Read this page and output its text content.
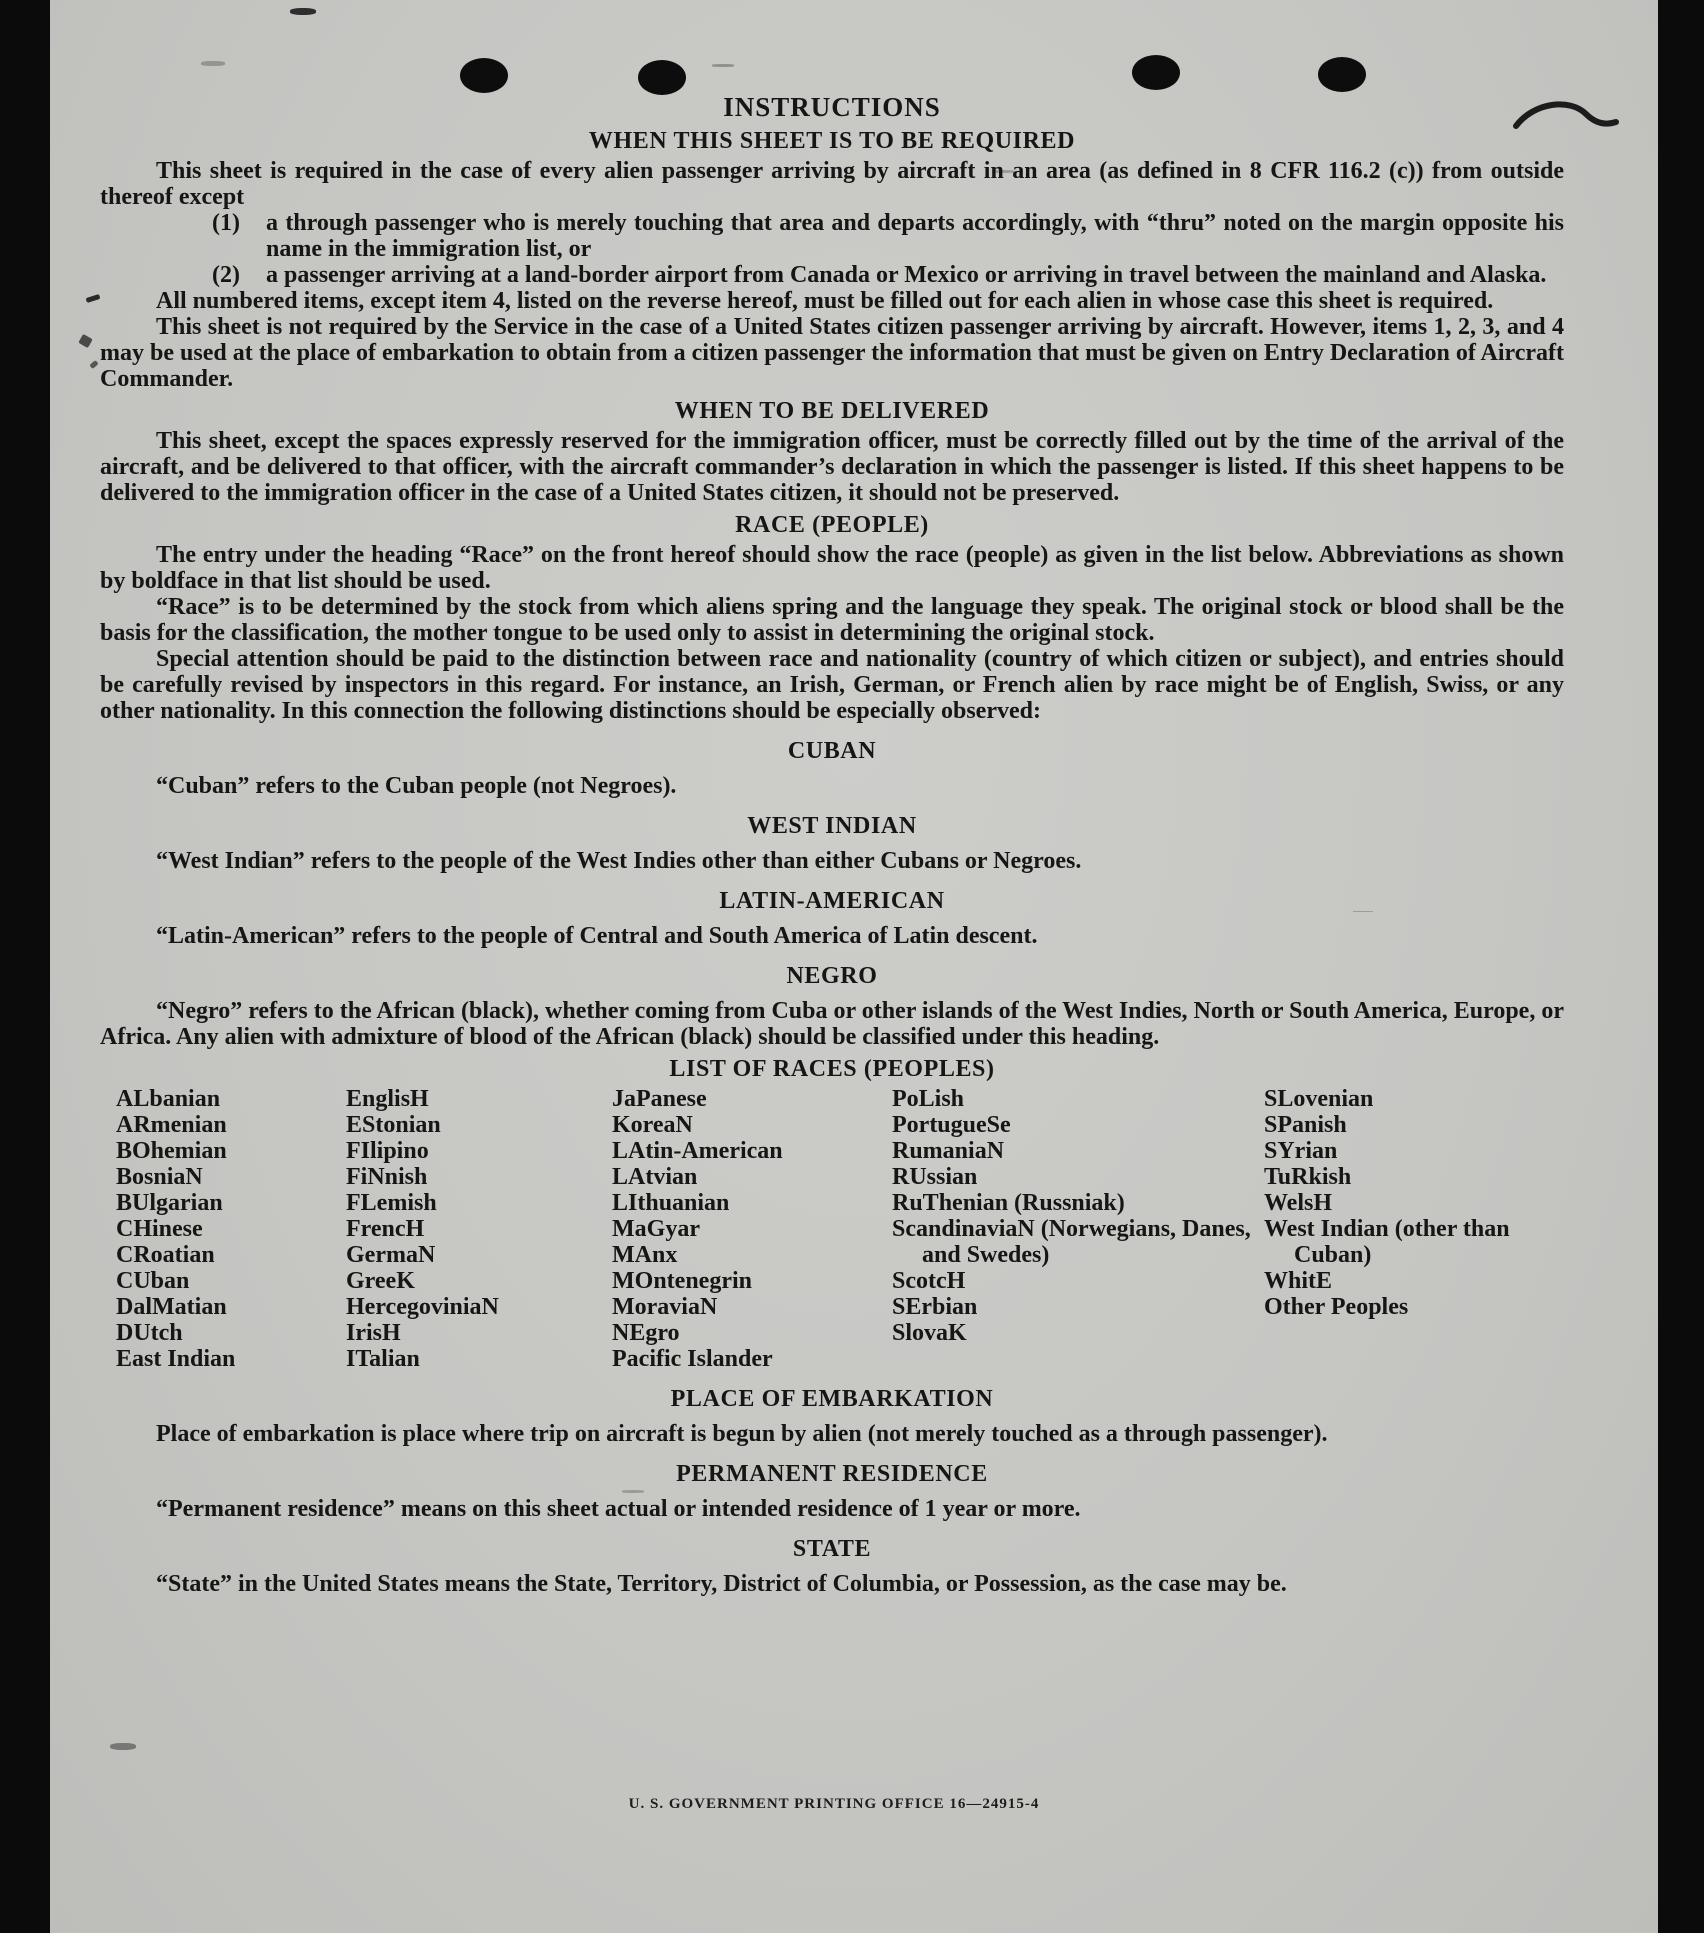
INSTRUCTIONS
WHEN THIS SHEET IS TO BE REQUIRED

This sheet is required in the case of every alien passenger arriving by aircraft in an area (as defined in 8 CFR 116.2 (c)) from outside thereof except

(1)	a through passenger who is merely touching that area and departs accordingly, with “thru” noted on the margin opposite his name in the immigration list, or

(2)	a passenger arriving at a land-border airport from Canada or Mexico or arriving in travel between the mainland and Alaska.

All numbered items, except item 4, listed on the reverse hereof, must be filled out for each alien in whose case this sheet is required.

This sheet is not required by the Service in the case of a United States citizen passenger arriving by aircraft. However, items 1, 2, 3, and 4 may be used at the place of embarkation to obtain from a citizen passenger the information that must be given on Entry Declaration of Aircraft Commander.

WHEN TO BE DELIVERED

This sheet, except the spaces expressly reserved for the immigration officer, must be correctly filled out by the time of the arrival of the aircraft, and be delivered to that officer, with the aircraft commander’s declaration in which the passenger is listed. If this sheet happens to be delivered to the immigration officer in the case of a United States citizen, it should not be preserved.

RACE (PEOPLE)

The entry under the heading “Race” on the front hereof should show the race (people) as given in the list below. Abbreviations as shown by boldface in that list should be used.

“Race” is to be determined by the stock from which aliens spring and the language they speak. The original stock or blood shall be the basis for the classification, the mother tongue to be used only to assist in determining the original stock.

Special attention should be paid to the distinction between race and nationality (country of which citizen or subject), and entries should be carefully revised by inspectors in this regard. For instance, an Irish, German, or French alien by race might be of English, Swiss, or any other nationality. In this connection the following distinctions should be especially observed:

CUBAN

“Cuban” refers to the Cuban people (not Negroes).

WEST INDIAN

“West Indian” refers to the people of the West Indies other than either Cubans or Negroes.

LATIN-AMERICAN

“Latin-American” refers to the people of Central and South America of Latin descent.

NEGRO

“Negro” refers to the African (black), whether coming from Cuba or other islands of the West Indies, North or South America, Europe, or Africa. Any alien with admixture of blood of the African (black) should be classified under this heading.

LIST OF RACES (PEOPLES)
ALbanian
ARmenian
BOhemian
BosniaN
BUlgarian
CHinese
CRoatian
CUban
DalMatian
DUtch
East Indian
EnglisH
EStonian
FIlipino
FiNnish
FLemish
FrencH
GermaN
GreeK
HercegoviniaN
IrisH
ITalian
JaPanese
KoreaN
LAtin-American
LAtvian
LIthuanian
MaGyar
MAnx
MOntenegrin
MoraviaN
NEgro
Pacific Islander
PoLish
PortugueSe
RumaniaN
RUssian
RuThenian (Russniak)
ScandinaviaN (Norwegians, Danes, and Swedes)
ScotcH
SErbian
SlovaK
SLovenian
SPanish
SYrian
TuRkish
WelsH
West Indian (other than Cuban)
WhitE
Other Peoples
PLACE OF EMBARKATION

Place of embarkation is place where trip on aircraft is begun by alien (not merely touched as a through passenger).

PERMANENT RESIDENCE

“Permanent residence” means on this sheet actual or intended residence of 1 year or more.

STATE

“State” in the United States means the State, Territory, District of Columbia, or Possession, as the case may be.

U. S. GOVERNMENT PRINTING OFFICE 16—24915-4
